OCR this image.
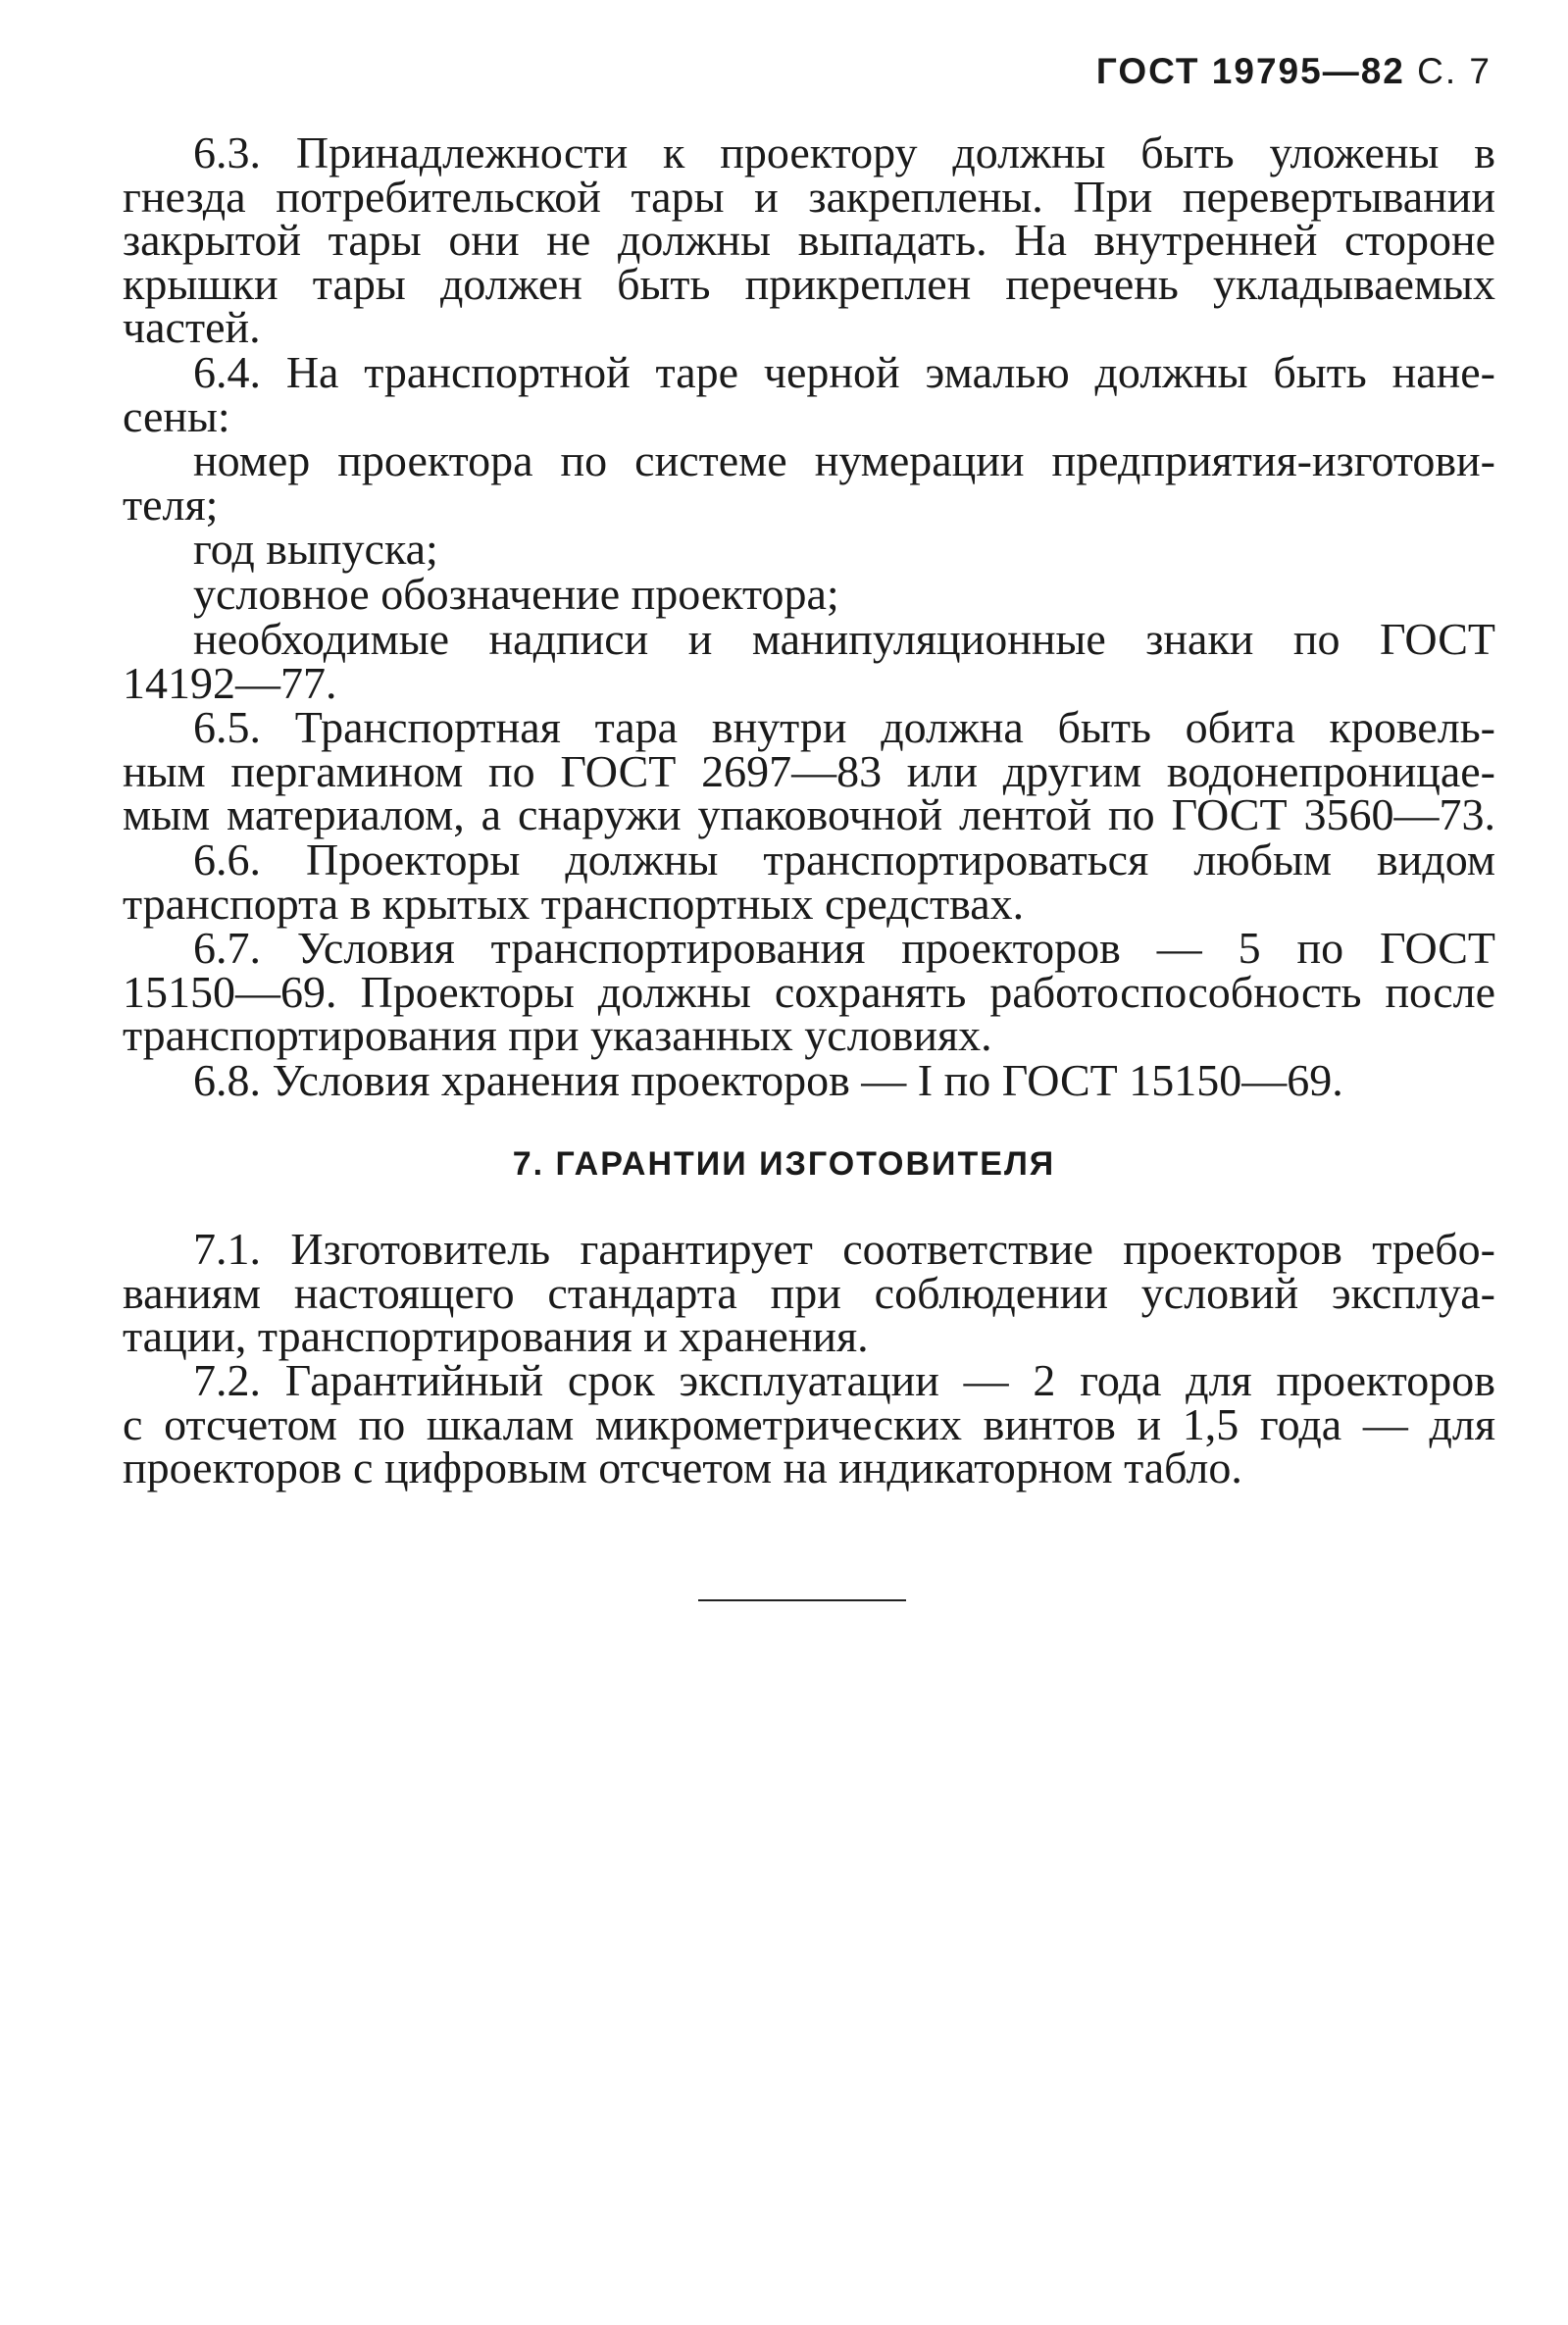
ГОСТ 19795—82 С. 7

6.3. Принадлежности к проектору должны быть уложены в
гнезда потребительской тары и закреплены. При перевертывании
закрытой тары они не должны выпадать. На внутренней стороне
крышки тары должен быть прикреплен перечень укладываемых
частей.

6.4. На транспортной таре черной эмалью должны быть нане-
сены:

номер проектора по системе нумерации предприятия-изготови-
теля;

год выпуска;

условное обозначение проектора;

необходимые надписи и манипуляционные знаки по ГОСТ
14192—77.

6.5. Транспортная тара внутри должна быть обита кровель-
ным пергамином по ГОСТ 2697—83 или другим водонепроницае-
мым материалом, а снаружи упаковочной лентой по ГОСТ 3560—73.

6.6. Проекторы должны транспортироваться любым видом
транспорта в крытых транспортных средствах.

6.7. Условия транспортирования проекторов — 5 по ГОСТ
15150—69. Проекторы должны сохранять работоспособность после
транспортирования при указанных условиях.

6.8. Условия хранения проекторов — I по ГОСТ 15150—69.

7. ГАРАНТИИ ИЗГОТОВИТЕЛЯ

7.1. Изготовитель гарантирует соответствие проекторов требо-
ваниям настоящего стандарта при соблюдении условий эксплуа-
тации, транспортирования и хранения.

7.2. Гарантийный срок эксплуатации — 2 года для проекторов
с отсчетом по шкалам микрометрических винтов и 1,5 года — для
проекторов с цифровым отсчетом на индикаторном табло.
